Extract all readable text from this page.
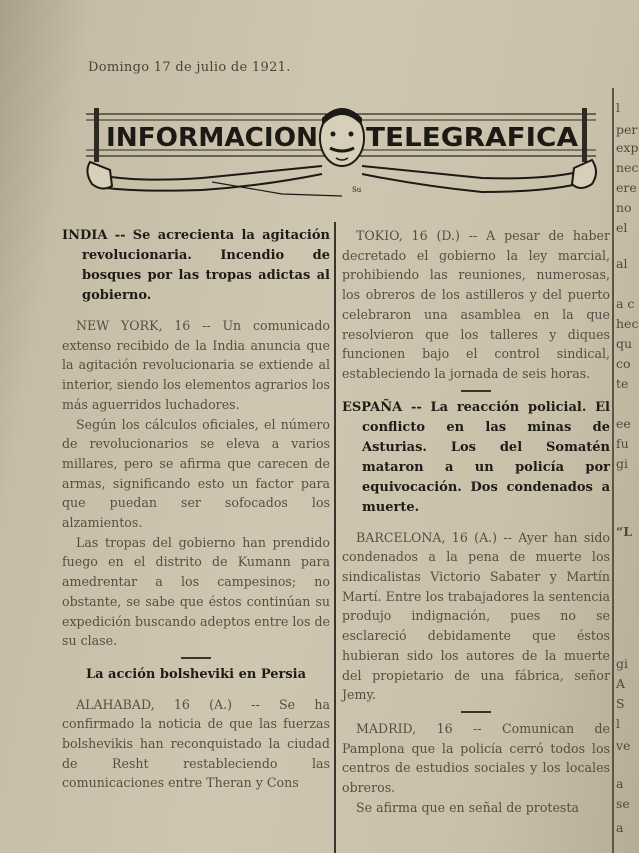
Domingo 17 de julio de 1921.
INFORMACION TELEGRAFICA
Su

INDIA -- Se acrecienta la agitación revolucionaria. Incendio de bosques por las tropas adictas al gobierno.

NEW YORK, 16 -- Un comunicado extenso recibido de la India anuncia que la agitación revolucionaria se extiende al interior, siendo los elementos agrarios los más aguerridos luchadores.

Según los cálculos oficiales, el número de revolucionarios se eleva a varios millares, pero se afirma que carecen de armas, significando esto un factor para que puedan ser sofocados los alzamientos.

Las tropas del gobierno han prendido fuego en el distrito de Kumann para amedrentar a los campesinos; no obstante, se sabe que éstos continúan su expedición buscando adeptos entre los de su clase.

La acción bolsheviki en Persia

ALAHABAD, 16 (A.) -- Se ha confirmado la noticia de que las fuerzas bolshevikis han reconquistado la ciudad de Resht restableciendo las comunicaciones entre Theran y Cons

TOKIO, 16 (D.) -- A pesar de haber decretado el gobierno la ley marcial, prohibiendo las reuniones, numerosas, los obreros de los astilleros y del puerto celebraron una asamblea en la que resolvieron que los talleres y diques funcionen bajo el control sindical, estableciendo la jornada de seis horas.

ESPAÑA -- La reacción policial. El conflicto en las minas de Asturias. Los del Somatén mataron a un policía por equivocación. Dos condenados a muerte.

BARCELONA, 16 (A.) -- Ayer han sido condenados a la pena de muerte los sindicalistas Victorio Sabater y Martín Martí. Entre los trabajadores la sentencia produjo indignación, pues no se esclareció debidamente que éstos hubieran sido los autores de la muerte del propietario de una fábrica, señor Jemy.

MADRID, 16 -- Comunican de Pamplona que la policía cerró todos los centros de estudios sociales y los locales obreros.

Se afirma que en señal de protesta

l
per
exp
nec
ere
no
el
al
a c
hec
qu
co
te
ee
fu
gi
“L
gi
A
S
l
ve
a
se
a
